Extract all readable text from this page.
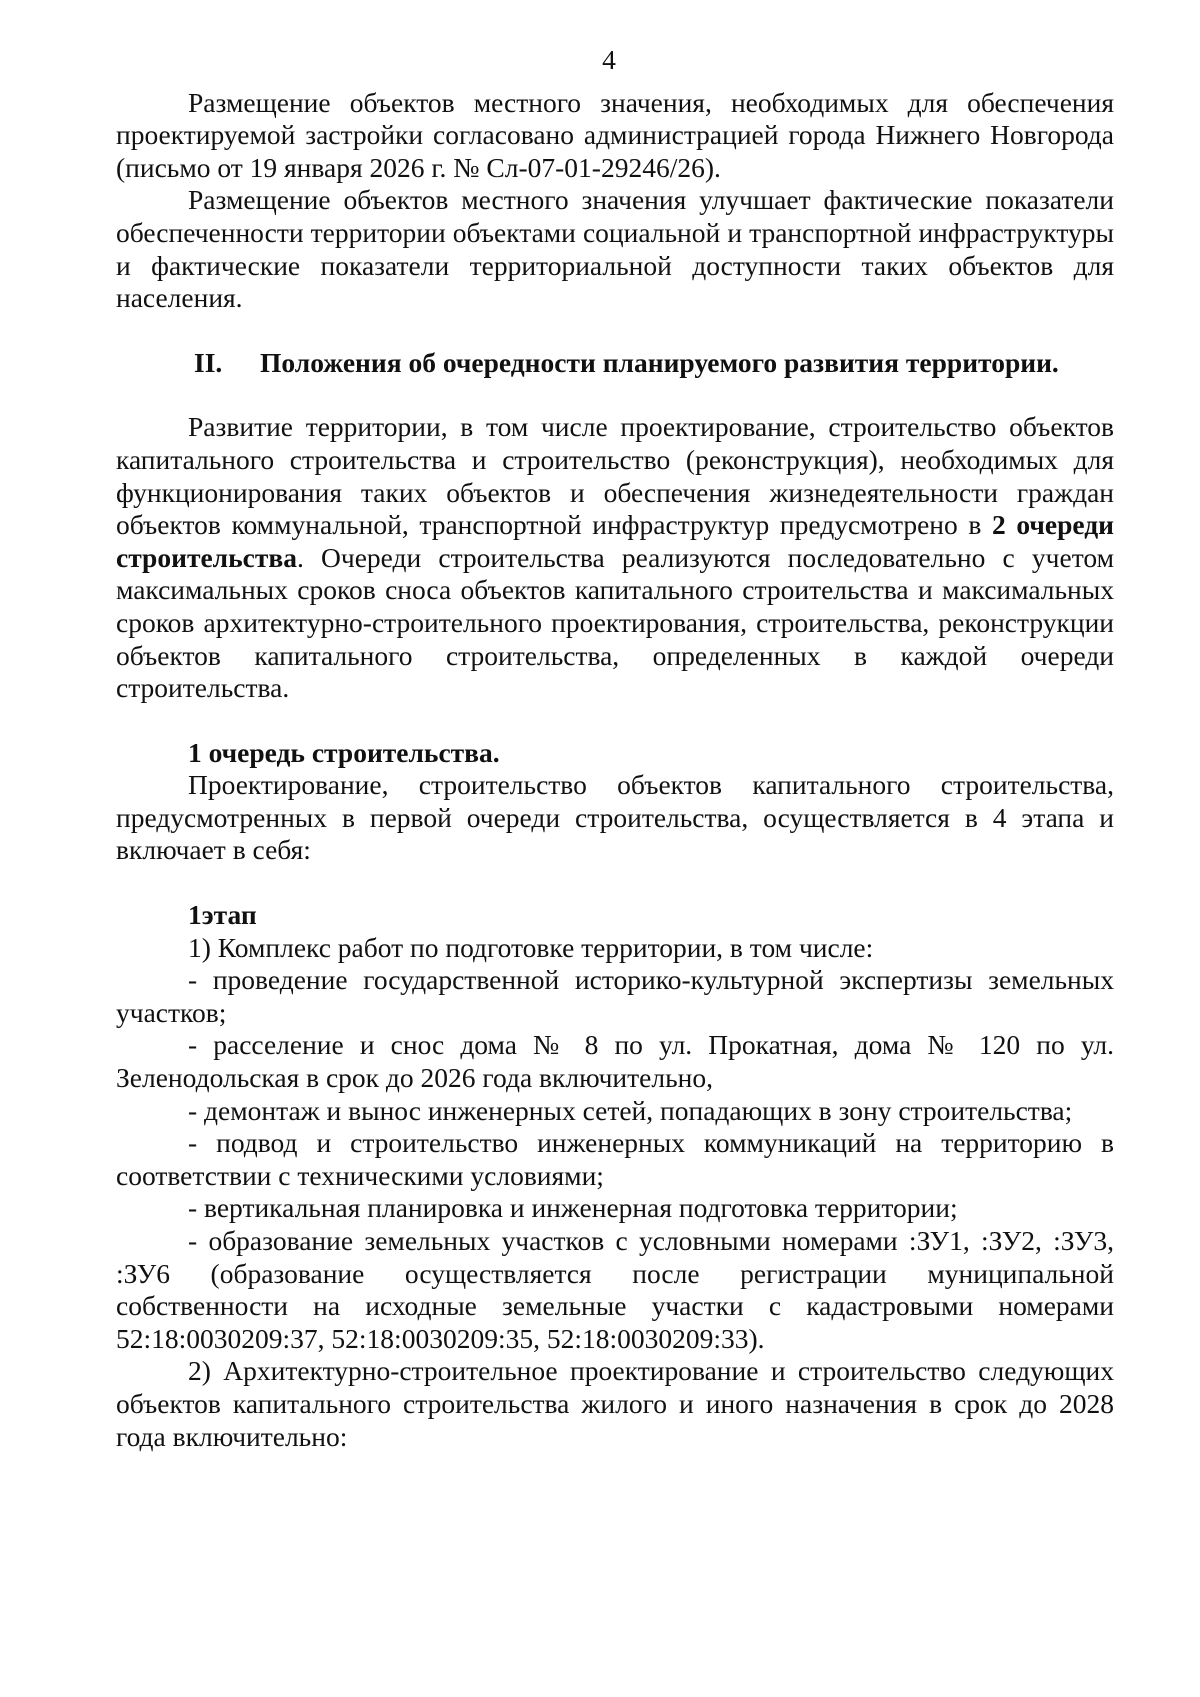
4

Размещение объектов местного значения, необходимых для обеспечения проектируемой застройки согласовано администрацией города Нижнего Новгорода (письмо от 19 января 2026 г. № Сл-07-01-29246/26).

Размещение объектов местного значения улучшает фактические показатели обеспеченности территории объектами социальной и транспортной инфраструктуры и фактические показатели территориальной доступности таких объектов для населения.

II.	Положения об очередности планируемого развития территории.

Развитие территории, в том числе проектирование, строительство объектов капитального строительства и строительство (реконструкция), необходимых для функционирования таких объектов и обеспечения жизнедеятельности граждан объектов коммунальной, транспортной инфраструктур предусмотрено в 2 очереди строительства. Очереди строительства реализуются последовательно с учетом максимальных сроков сноса объектов капитального строительства и максимальных сроков архитектурно-строительного проектирования, строительства, реконструкции объектов капитального строительства, определенных в каждой очереди строительства.

1 очередь строительства.

Проектирование, строительство объектов капитального строительства, предусмотренных в первой очереди строительства, осуществляется в 4 этапа и включает в себя:

1этап

1) Комплекс работ по подготовке территории, в том числе:

- проведение государственной историко-культурной экспертизы земельных участков;

- расселение и снос дома № 8 по ул. Прокатная, дома № 120 по ул. Зеленодольская в срок до 2026 года включительно,

- демонтаж и вынос инженерных сетей, попадающих в зону строительства;

- подвод и строительство инженерных коммуникаций на территорию в соответствии с техническими условиями;

- вертикальная планировка и инженерная подготовка территории;

- образование земельных участков с условными номерами :ЗУ1, :ЗУ2, :ЗУ3, :ЗУ6 (образование осуществляется после регистрации муниципальной собственности на исходные земельные участки с кадастровыми номерами 52:18:0030209:37, 52:18:0030209:35, 52:18:0030209:33).

2) Архитектурно-строительное проектирование и строительство следующих объектов капитального строительства жилого и иного назначения в срок до 2028 года включительно:
